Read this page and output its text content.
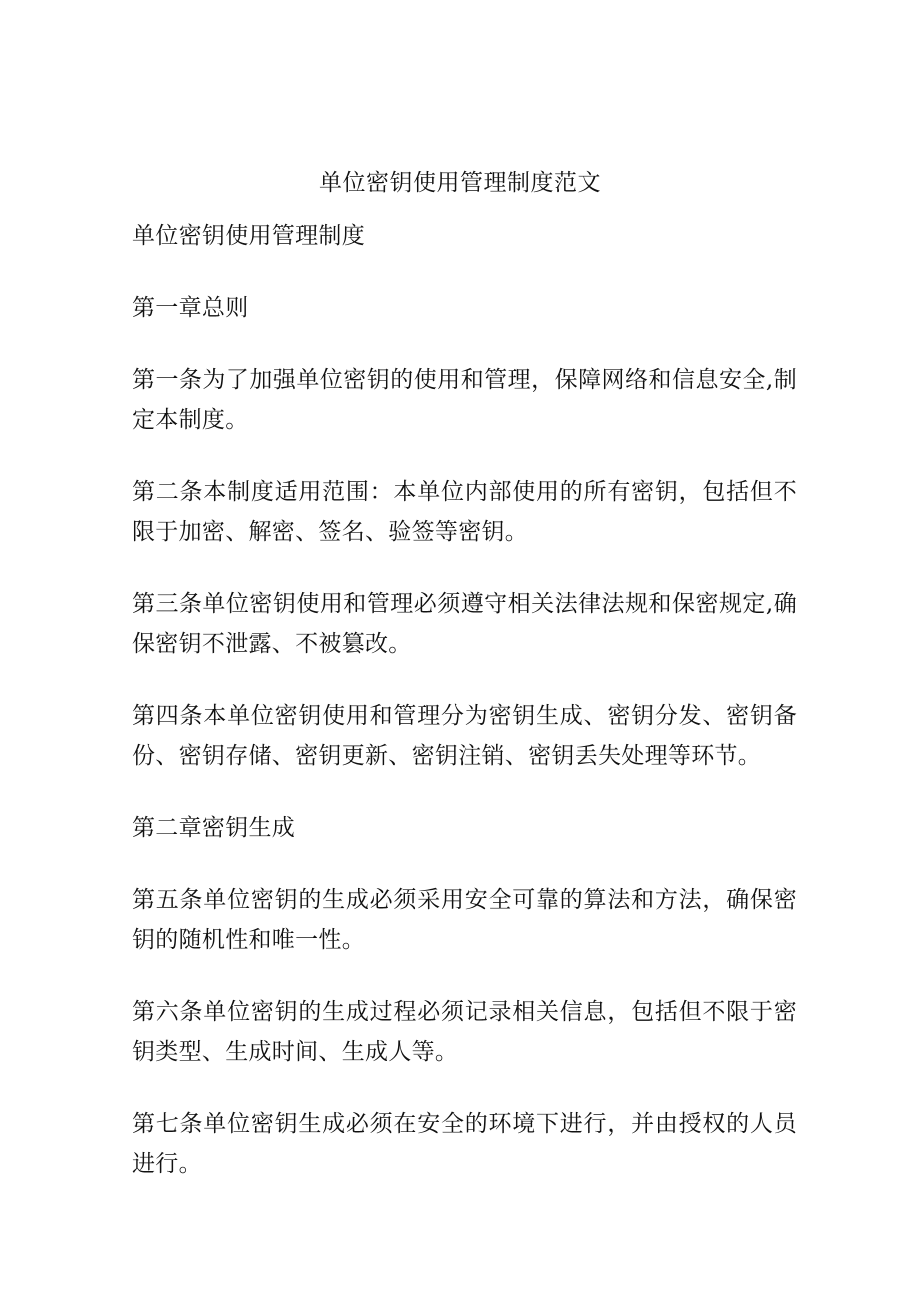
单位密钥使用管理制度范文

单位密钥使用管理制度

第一章总则

第一条为了加强单位密钥的使用和管理，保障网络和信息安全,制定本制度。

第二条本制度适用范围：本单位内部使用的所有密钥，包括但不限于加密、解密、签名、验签等密钥。

第三条单位密钥使用和管理必须遵守相关法律法规和保密规定,确保密钥不泄露、不被篡改。

第四条本单位密钥使用和管理分为密钥生成、密钥分发、密钥备份、密钥存储、密钥更新、密钥注销、密钥丢失处理等环节。

第二章密钥生成

第五条单位密钥的生成必须采用安全可靠的算法和方法，确保密钥的随机性和唯一性。

第六条单位密钥的生成过程必须记录相关信息，包括但不限于密钥类型、生成时间、生成人等。

第七条单位密钥生成必须在安全的环境下进行，并由授权的人员进行。
